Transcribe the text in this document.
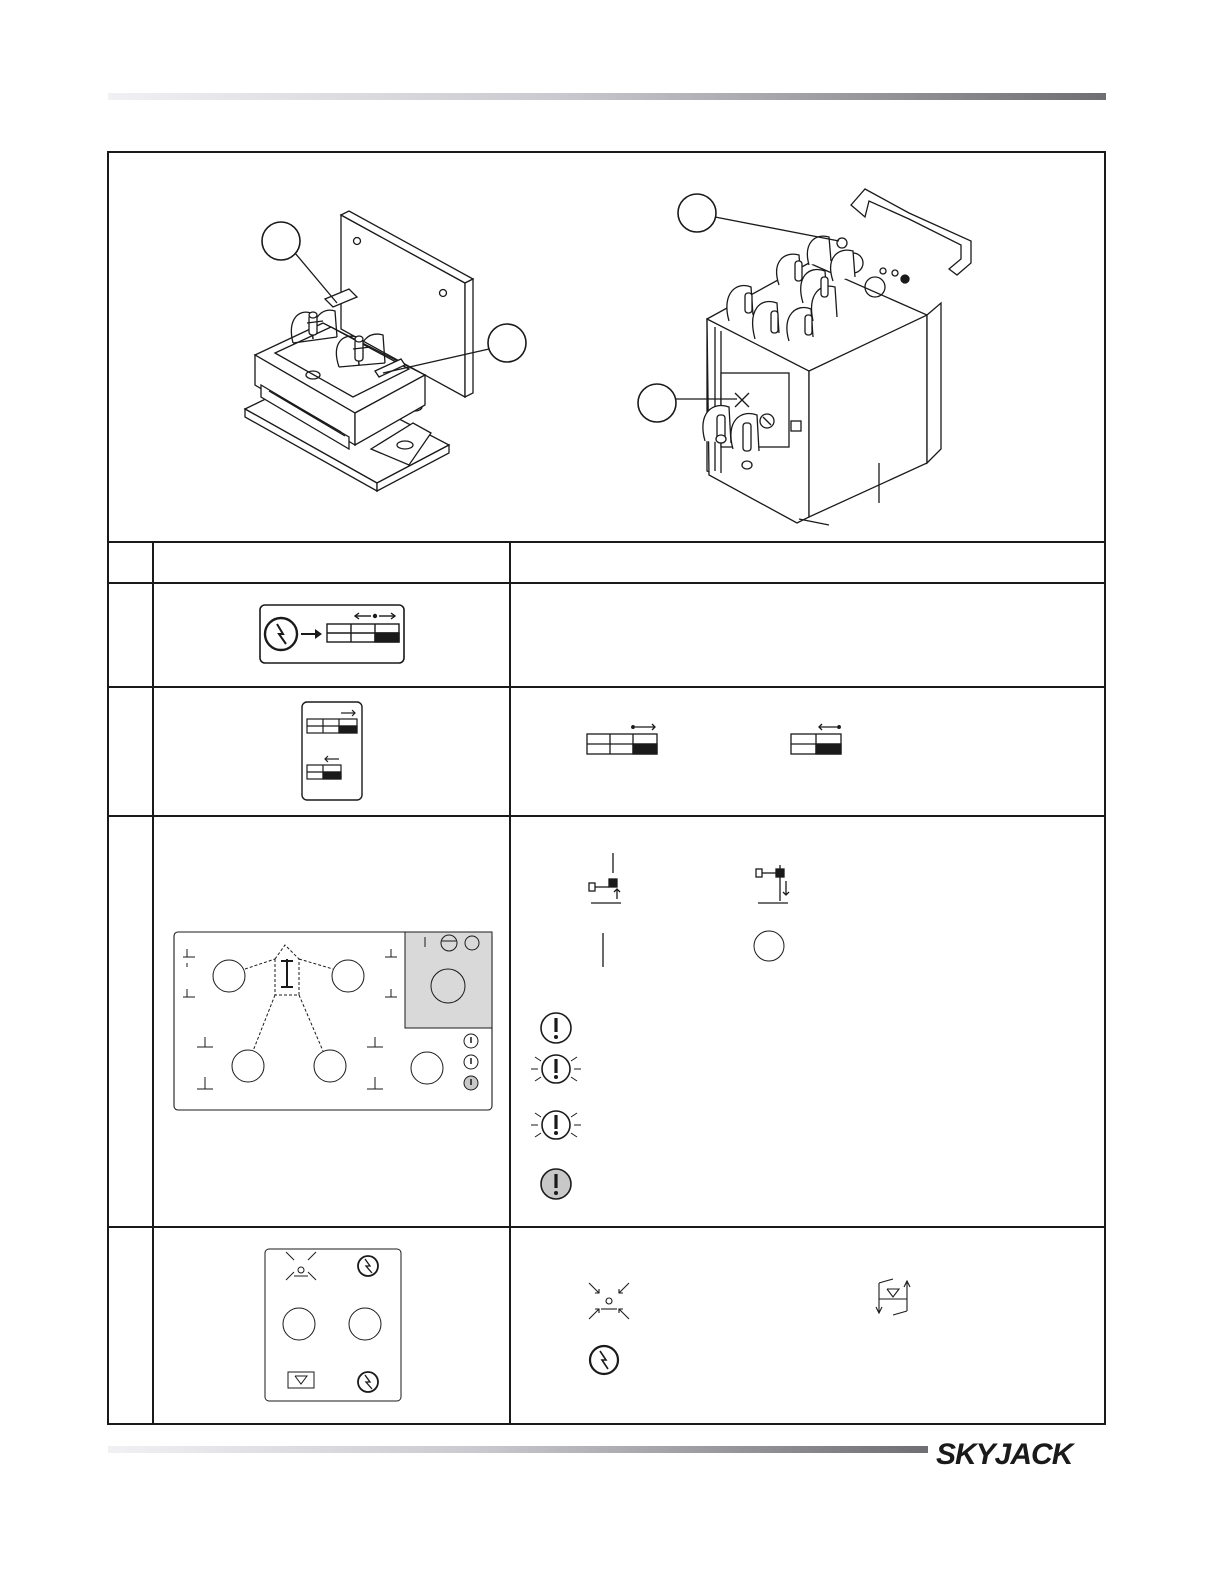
SKYJACK
